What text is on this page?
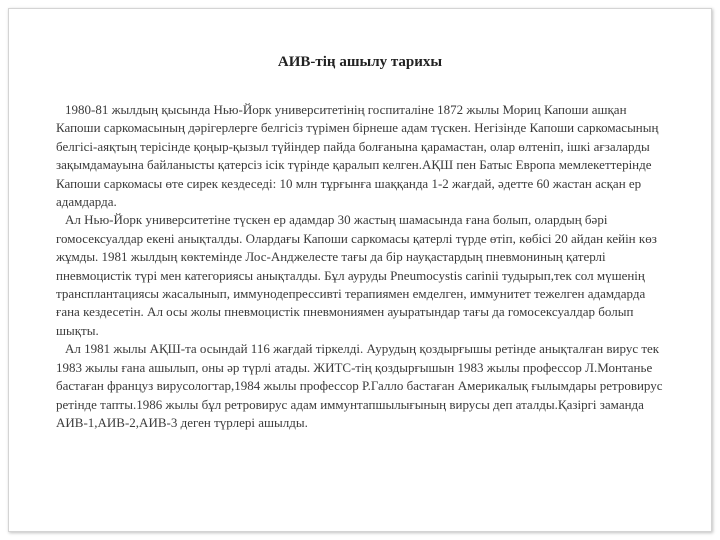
АИВ-тің ашылу тарихы

1980-81 жылдың қысында Нью-Йорк университетінің госпиталіне 1872 жылы Мориц Капоши ашқан Капоши саркомасының дәрігерлерге белгісіз түрімен бірнеше адам түскен. Негізінде Капоши саркомасының белгісі-аяқтың терісінде қоңыр-қызыл түйіндер пайда болғанына қарамастан, олар өлтеніп, ішкі ағзаларды зақымдамауына байланысты қатерсіз ісік түрінде қаралып келген.АҚШ пен Батыс Европа мемлекеттерінде Капоши саркомасы өте сирек кездеседі: 10 млн тұрғынға шаққанда 1-2 жағдай, әдетте 60 жастан асқан ер адамдарда.

Ал Нью-Йорк университетіне түскен ер адамдар 30 жастың шамасында ғана болып, олардың бәрі гомосексуалдар екені анықталды. Олардағы Капоши саркомасы қатерлі түрде өтіп, көбісі 20 айдан кейін көз жұмды. 1981 жылдың көктемінде Лос-Анджелесте тағы да бір науқастардың пневмониның қатерлі пневмоцистік түрі мен категориясы анықталды. Бұл ауруды Pneumocystis carinii тудырып,тек сол мүшенің трансплантациясы жасалынып, иммунодепрессивті терапиямен емделген, иммунитет тежелген адамдарда ғана кездесетін. Ал осы жолы пневмоцистік пневмониямен ауыратындар тағы да гомосексуалдар болып шықты.

Ал 1981 жылы АҚШ-та осындай 116 жағдай тіркелді. Аурудың қоздырғышы ретінде анықталған вирус тек 1983 жылы ғана ашылып, оны әр түрлі атады. ЖИТС-тің қоздырғышын 1983 жылы профессор Л.Монтанье бастаған француз вирусологтар,1984 жылы профессор Р.Галло бастаған Америкалық ғылымдары ретровирус ретінде тапты.1986 жылы бұл ретровирус адам иммунтапшылығының вирусы деп аталды.Қазіргі заманда АИВ-1,АИВ-2,АИВ-3 деген түрлері ашылды.
